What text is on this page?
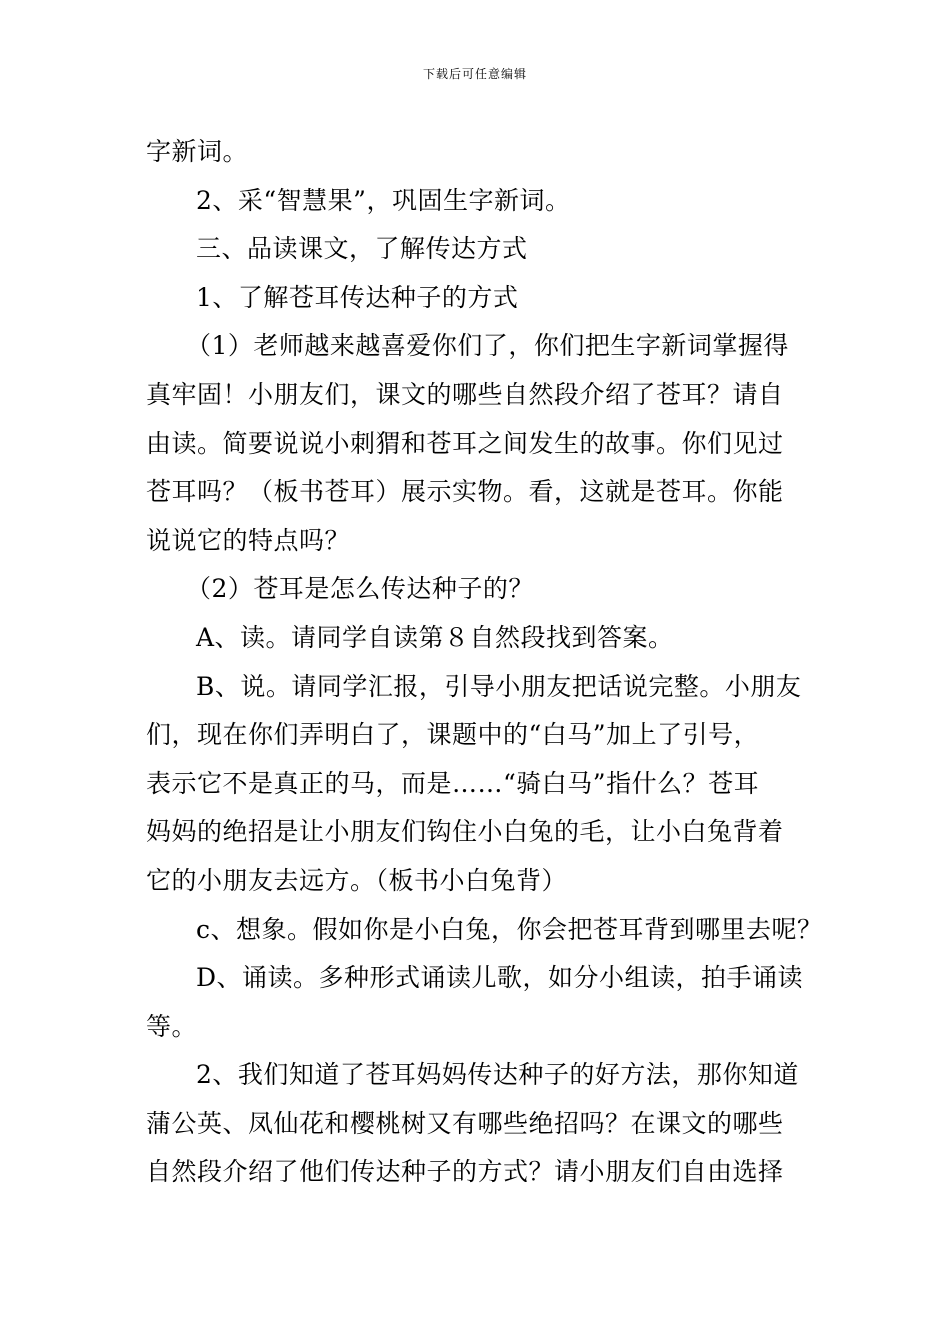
下载后可任意编辑

字新词。

2、采“智慧果”，巩固生字新词。

三、品读课文，了解传达方式

1、了解苍耳传达种子的方式

（1）老师越来越喜爱你们了，你们把生字新词掌握得

真牢固！小朋友们，课文的哪些自然段介绍了苍耳？请自

由读。简要说说小刺猬和苍耳之间发生的故事。你们见过

苍耳吗？（板书苍耳）展示实物。看，这就是苍耳。你能

说说它的特点吗？

（2）苍耳是怎么传达种子的？

A、读。请同学自读第８自然段找到答案。

B、说。请同学汇报，引导小朋友把话说完整。小朋友

们，现在你们弄明白了，课题中的“白马”加上了引号，

表示它不是真正的马，而是……“骑白马”指什么？苍耳

妈妈的绝招是让小朋友们钩住小白兔的毛，让小白兔背着

它的小朋友去远方。（板书小白兔背）

c、想象。假如你是小白兔，你会把苍耳背到哪里去呢？

D、诵读。多种形式诵读儿歌，如分小组读，拍手诵读

等。

2、我们知道了苍耳妈妈传达种子的好方法，那你知道

蒲公英、凤仙花和樱桃树又有哪些绝招吗？在课文的哪些

自然段介绍了他们传达种子的方式？请小朋友们自由选择
